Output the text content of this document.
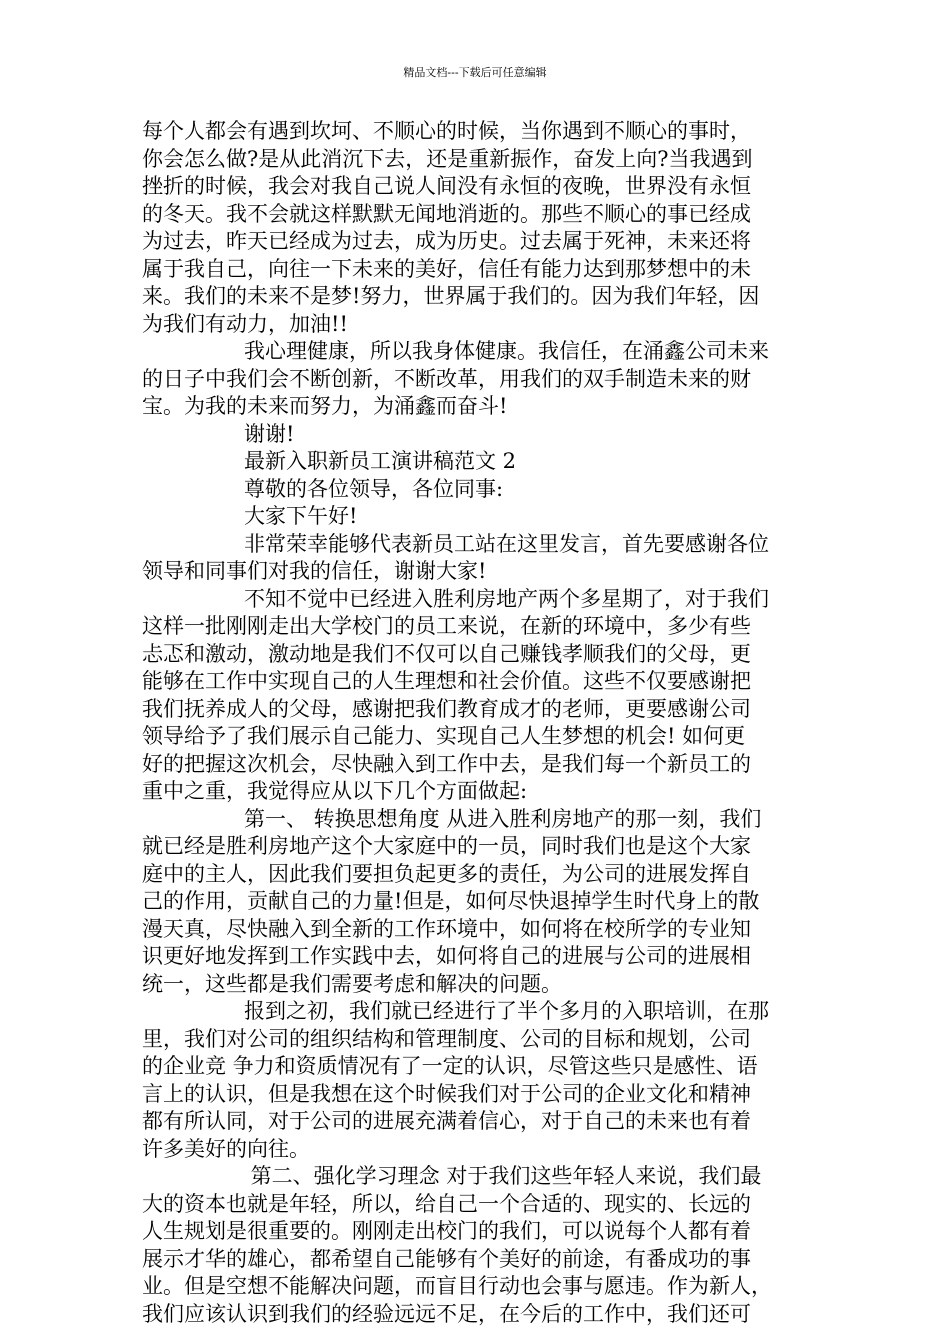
精品文档---下载后可任意编辑
每个人都会有遇到坎坷、不顺心的时候，当你遇到不顺心的事时，
你会怎么做?是从此消沉下去，还是重新振作，奋发上向?当我遇到
挫折的时候，我会对我自己说人间没有永恒的夜晚，世界没有永恒
的冬天。我不会就这样默默无闻地消逝的。那些不顺心的事已经成
为过去，昨天已经成为过去，成为历史。过去属于死神，未来还将
属于我自己，向往一下未来的美好，信任有能力达到那梦想中的未
来。我们的未来不是梦!努力，世界属于我们的。因为我们年轻，因
为我们有动力，加油!!
我心理健康，所以我身体健康。我信任，在涌鑫公司未来
的日子中我们会不断创新，不断改革，用我们的双手制造未来的财
宝。为我的未来而努力，为涌鑫而奋斗!
谢谢!
最新入职新员工演讲稿范文 2
尊敬的各位领导，各位同事:
大家下午好!
非常荣幸能够代表新员工站在这里发言，首先要感谢各位
领导和同事们对我的信任，谢谢大家!
不知不觉中已经进入胜利房地产两个多星期了，对于我们
这样一批刚刚走出大学校门的员工来说，在新的环境中，多少有些
忐忑和激动，激动地是我们不仅可以自己赚钱孝顺我们的父母，更
能够在工作中实现自己的人生理想和社会价值。这些不仅要感谢把
我们抚养成人的父母，感谢把我们教育成才的老师，更要感谢公司
领导给予了我们展示自己能力、实现自己人生梦想的机会! 如何更
好的把握这次机会，尽快融入到工作中去，是我们每一个新员工的
重中之重，我觉得应从以下几个方面做起:
第一、 转换思想角度 从进入胜利房地产的那一刻，我们
就已经是胜利房地产这个大家庭中的一员，同时我们也是这个大家
庭中的主人，因此我们要担负起更多的责任，为公司的进展发挥自
己的作用，贡献自己的力量!但是，如何尽快退掉学生时代身上的散
漫天真，尽快融入到全新的工作环境中，如何将在校所学的专业知
识更好地发挥到工作实践中去，如何将自己的进展与公司的进展相
统一，这些都是我们需要考虑和解决的问题。
报到之初，我们就已经进行了半个多月的入职培训，在那
里，我们对公司的组织结构和管理制度、公司的目标和规划，公司
的企业竞 争力和资质情况有了一定的认识，尽管这些只是感性、语
言上的认识，但是我想在这个时候我们对于公司的企业文化和精神
都有所认同，对于公司的进展充满着信心，对于自己的未来也有着
许多美好的向往。
第二、强化学习理念 对于我们这些年轻人来说，我们最
大的资本也就是年轻，所以，给自己一个合适的、现实的、长远的
人生规划是很重要的。刚刚走出校门的我们，可以说每个人都有着
展示才华的雄心，都希望自己能够有个美好的前途，有番成功的事
业。但是空想不能解决问题，而盲目行动也会事与愿违。作为新人，
我们应该认识到我们的经验远远不足，在今后的工作中，我们还可
